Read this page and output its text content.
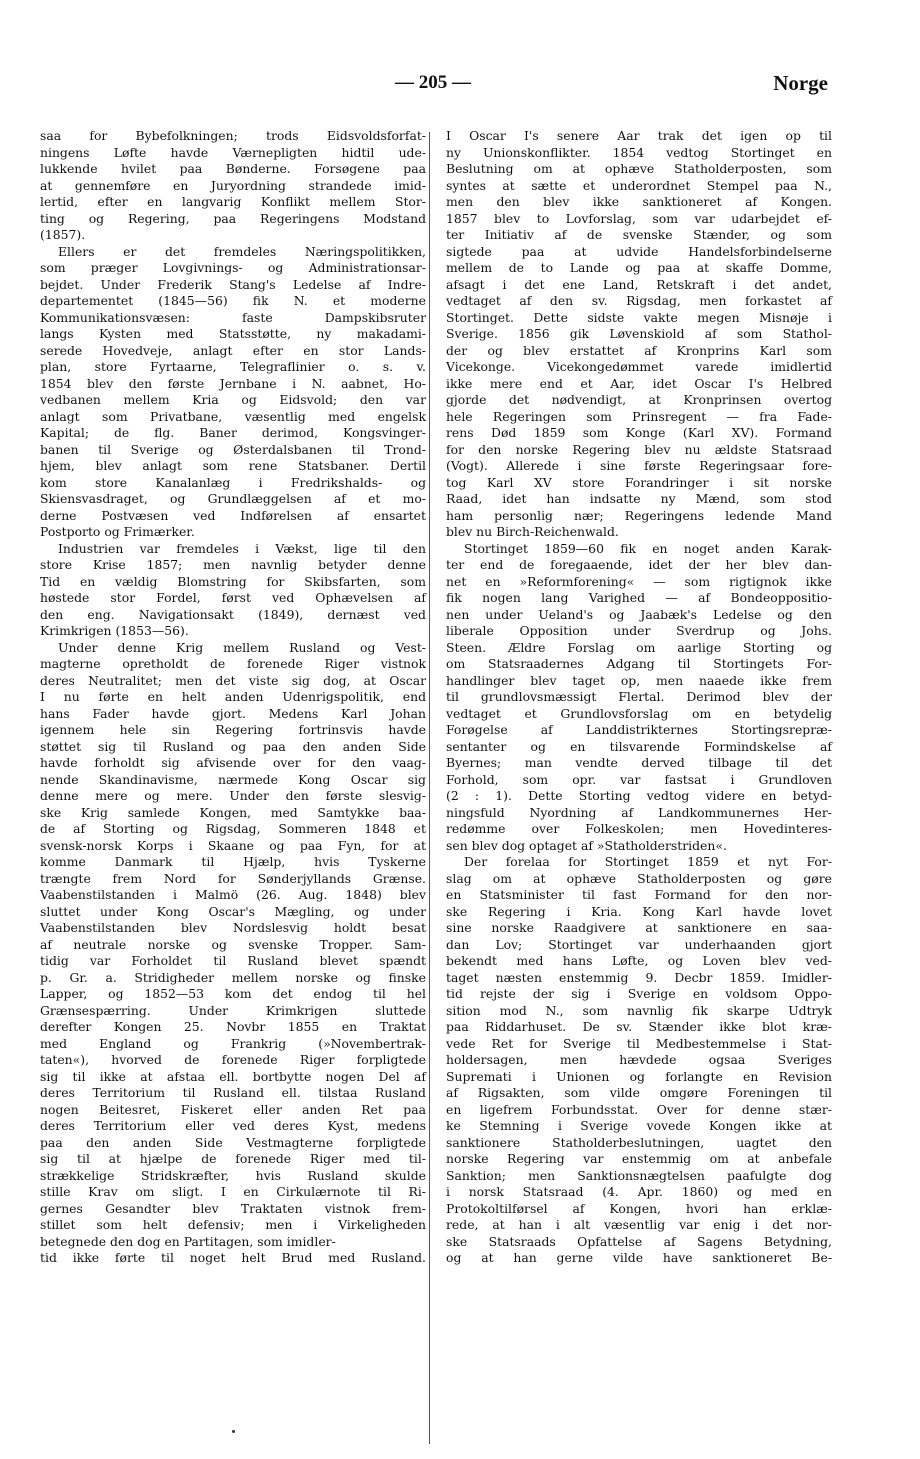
— 205 —	Norge
saa for Bybefolkningen; trods Eidsvoldsforfat-
ningens Løfte havde Værnepligten hidtil ude-
lukkende hvilet paa Bønderne. Forsøgene paa
at gennemføre en Juryordning strandede imid-
lertid, efter en langvarig Konflikt mellem Stor-
ting og Regering, paa Regeringens Modstand
(1857).
Ellers er det fremdeles Næringspolitikken,
som præger Lovgivnings- og Administrationsar-
bejdet. Under Frederik Stang's Ledelse af Indre-
departementet (1845—56) fik N. et moderne
Kommunikationsvæsen: faste Dampskibsruter
langs Kysten med Statsstøtte, ny makadami-
serede Hovedveje, anlagt efter en stor Lands-
plan, store Fyrtaarne, Telegraflinier o. s. v.
1854 blev den første Jernbane i N. aabnet, Ho-
vedbanen mellem Kria og Eidsvold; den var
anlagt som Privatbane, væsentlig med engelsk
Kapital; de flg. Baner derimod, Kongsvinger-
banen til Sverige og Østerdalsbanen til Trond-
hjem, blev anlagt som rene Statsbaner. Dertil
kom store Kanalanlæg i Fredrikshalds- og
Skiensvasdraget, og Grundlæggelsen af et mo-
derne Postvæsen ved Indførelsen af ensartet
Postporto og Frimærker.
Industrien var fremdeles i Vækst, lige til den
store Krise 1857; men navnlig betyder denne
Tid en vældig Blomstring for Skibsfarten, som
høstede stor Fordel, først ved Ophævelsen af
den eng. Navigationsakt (1849), dernæst ved
Krimkrigen (1853—56).
Under denne Krig mellem Rusland og Vest-
magterne opretholdt de forenede Riger vistnok
deres Neutralitet; men det viste sig dog, at Oscar
I nu førte en helt anden Udenrigspolitik, end
hans Fader havde gjort. Medens Karl Johan
igennem hele sin Regering fortrinsvis havde
støttet sig til Rusland og paa den anden Side
havde forholdt sig afvisende over for den vaag-
nende Skandinavisme, nærmede Kong Oscar sig
denne mere og mere. Under den første slesvig-
ske Krig samlede Kongen, med Samtykke baa-
de af Storting og Rigsdag, Sommeren 1848 et
svensk-norsk Korps i Skaane og paa Fyn, for at
komme Danmark til Hjælp, hvis Tyskerne
trængte frem Nord for Sønderjyllands Grænse.
Vaabenstilstanden i Malmö (26. Aug. 1848) blev
sluttet under Kong Oscar's Mægling, og under
Vaabenstilstanden blev Nordslesvig holdt besat
af neutrale norske og svenske Tropper. Sam-
tidig var Forholdet til Rusland blevet spændt
p. Gr. a. Stridigheder mellem norske og finske
Lapper, og 1852—53 kom det endog til hel
Grænsespærring. Under Krimkrigen sluttede
derefter Kongen 25. Novbr 1855 en Traktat
med England og Frankrig (»Novembertrak-
taten«), hvorved de forenede Riger forpligtede
sig til ikke at afstaa ell. bortbytte nogen Del af
deres Territorium til Rusland ell. tilstaa Rusland
nogen Beitesret, Fiskeret eller anden Ret paa
deres Territorium eller ved deres Kyst, medens
paa den anden Side Vestmagterne forpligtede
sig til at hjælpe de forenede Riger med til-
strækkelige Stridskræfter, hvis Rusland skulde
stille Krav om sligt. I en Cirkulærnote til Ri-
gernes Gesandter blev Traktaten vistnok frem-
stillet som helt defensiv; men i Virkeligheden
betegnede den dog en Partitagen, som imidler-
tid ikke førte til noget helt Brud med Rusland.
I Oscar I's senere Aar trak det igen op til
ny Unionskonflikter. 1854 vedtog Stortinget en
Beslutning om at ophæve Statholderposten, som
syntes at sætte et underordnet Stempel paa N.,
men den blev ikke sanktioneret af Kongen.
1857 blev to Lovforslag, som var udarbejdet ef-
ter Initiativ af de svenske Stænder, og som
sigtede paa at udvide Handelsforbindelserne
mellem de to Lande og paa at skaffe Domme,
afsagt i det ene Land, Retskraft i det andet,
vedtaget af den sv. Rigsdag, men forkastet af
Stortinget. Dette sidste vakte megen Misnøje i
Sverige. 1856 gik Løvenskiold af som Stathol-
der og blev erstattet af Kronprins Karl som
Vicekonge. Vicekongedømmet varede imidlertid
ikke mere end et Aar, idet Oscar I's Helbred
gjorde det nødvendigt, at Kronprinsen overtog
hele Regeringen som Prinsregent — fra Fade-
rens Død 1859 som Konge (Karl XV). Formand
for den norske Regering blev nu ældste Statsraad
(Vogt). Allerede i sine første Regeringsaar fore-
tog Karl XV store Forandringer i sit norske
Raad, idet han indsatte ny Mænd, som stod
ham personlig nær; Regeringens ledende Mand
blev nu Birch-Reichenwald.
Stortinget 1859—60 fik en noget anden Karak-
ter end de foregaaende, idet der her blev dan-
net en »Reformforening« — som rigtignok ikke
fik nogen lang Varighed — af Bondeoppositio-
nen under Ueland's og Jaabæk's Ledelse og den
liberale Opposition under Sverdrup og Johs.
Steen. Ældre Forslag om aarlige Storting og
om Statsraadernes Adgang til Stortingets For-
handlinger blev taget op, men naaede ikke frem
til grundlovsmæssigt Flertal. Derimod blev der
vedtaget et Grundlovsforslag om en betydelig
Forøgelse af Landdistrikternes Stortingsrepræ-
sentanter og en tilsvarende Formindskelse af
Byernes; man vendte derved tilbage til det
Forhold, som opr. var fastsat i Grundloven
(2 : 1). Dette Storting vedtog videre en betyd-
ningsfuld Nyordning af Landkommunernes Her-
redømme over Folkeskolen; men Hovedinteres-
sen blev dog optaget af »Statholderstriden«.
Der forelaa for Stortinget 1859 et nyt For-
slag om at ophæve Statholderposten og gøre
en Statsminister til fast Formand for den nor-
ske Regering i Kria. Kong Karl havde lovet
sine norske Raadgivere at sanktionere en saa-
dan Lov; Stortinget var underhaanden gjort
bekendt med hans Løfte, og Loven blev ved-
taget næsten enstemmig 9. Decbr 1859. Imidler-
tid rejste der sig i Sverige en voldsom Oppo-
sition mod N., som navnlig fik skarpe Udtryk
paa Riddarhuset. De sv. Stænder ikke blot kræ-
vede Ret for Sverige til Medbestemmelse i Stat-
holdersagen, men hævdede ogsaa Sveriges
Supremati i Unionen og forlangte en Revision
af Rigsakten, som vilde omgøre Foreningen til
en ligefrem Forbundsstat. Over for denne stær-
ke Stemning i Sverige vovede Kongen ikke at
sanktionere Statholderbeslutningen, uagtet den
norske Regering var enstemmig om at anbefale
Sanktion; men Sanktionsnægtelsen paafulgte dog
i norsk Statsraad (4. Apr. 1860) og med en
Protokoltilførsel af Kongen, hvori han erklæ-
rede, at han i alt væsentlig var enig i det nor-
ske Statsraads Opfattelse af Sagens Betydning,
og at han gerne vilde have sanktioneret Be-
